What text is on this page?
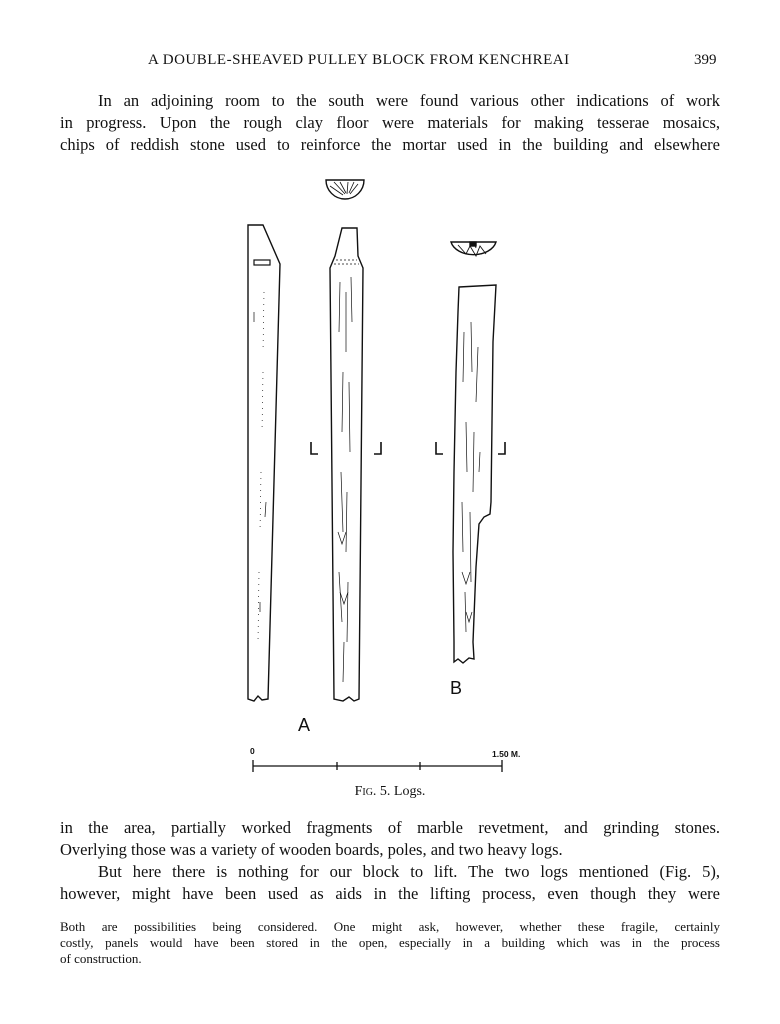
A DOUBLE-SHEAVED PULLEY BLOCK FROM KENCHREAI	399

In an adjoining room to the south were found various other indications of work
in progress. Upon the rough clay floor were materials for making tesserae mosaics,
chips of reddish stone used to reinforce the mortar used in the building and elsewhere

A
B
0	1.50 M.
Fig. 5. Logs.

in the area, partially worked fragments of marble revetment, and grinding stones.
Overlying those was a variety of wooden boards, poles, and two heavy logs.
But here there is nothing for our block to lift. The two logs mentioned (Fig. 5),
however, might have been used as aids in the lifting process, even though they were

Both are possibilities being considered. One might ask, however, whether these fragile, certainly
costly, panels would have been stored in the open, especially in a building which was in the process
of construction.
